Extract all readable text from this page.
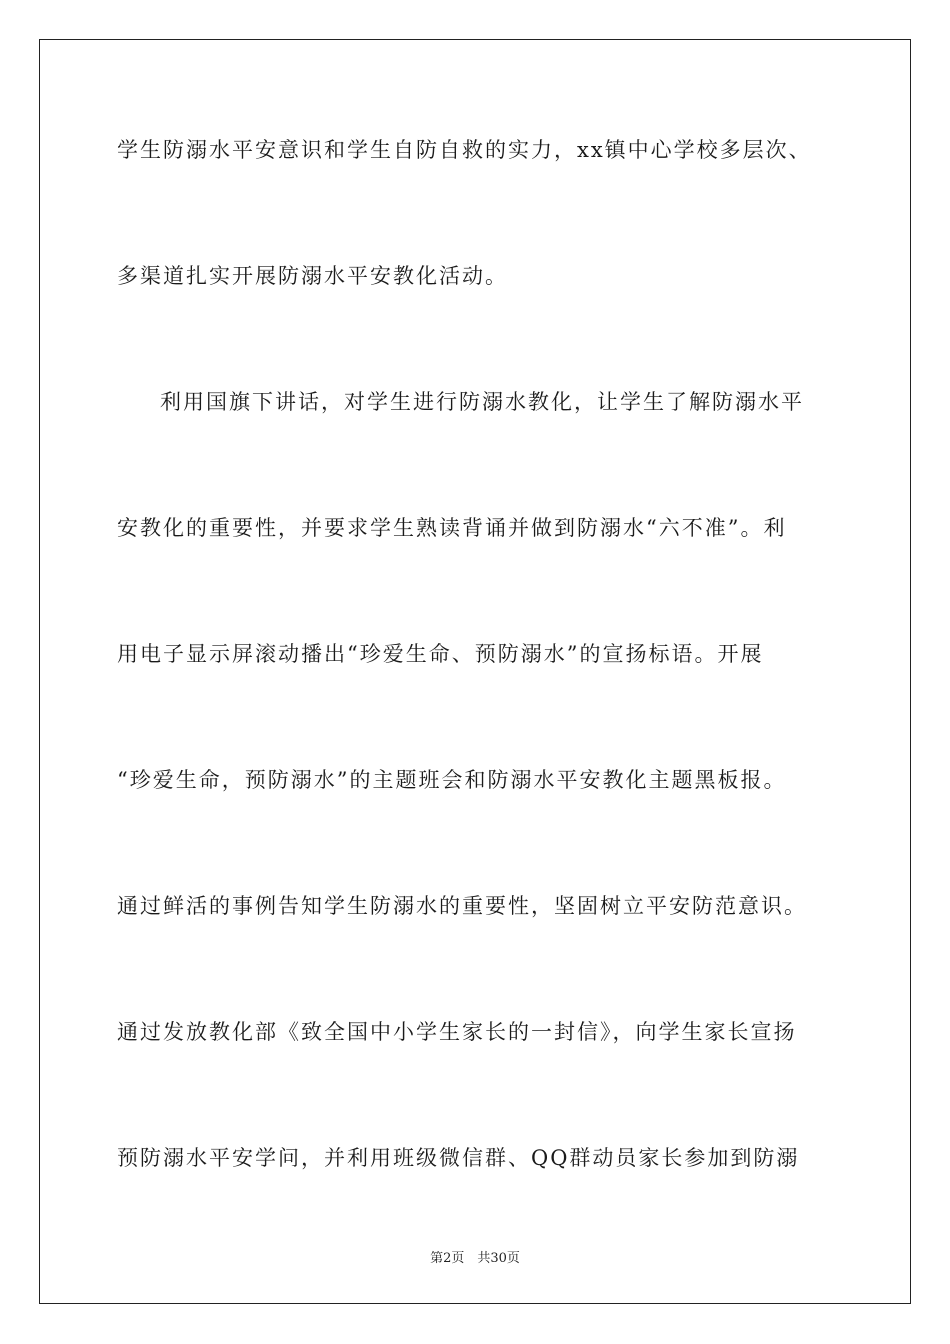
学生防溺水平安意识和学生自防自救的实力，xx镇中心学校多层次、
多渠道扎实开展防溺水平安教化活动。
利用国旗下讲话，对学生进行防溺水教化，让学生了解防溺水平
安教化的重要性，并要求学生熟读背诵并做到防溺水“六不准”。利
用电子显示屏滚动播出“珍爱生命、预防溺水”的宣扬标语。开展
“珍爱生命，预防溺水”的主题班会和防溺水平安教化主题黑板报。
通过鲜活的事例告知学生防溺水的重要性，坚固树立平安防范意识。
通过发放教化部《致全国中小学生家长的一封信》，向学生家长宣扬
预防溺水平安学问，并利用班级微信群、QQ群动员家长参加到防溺
第2页　共30页
